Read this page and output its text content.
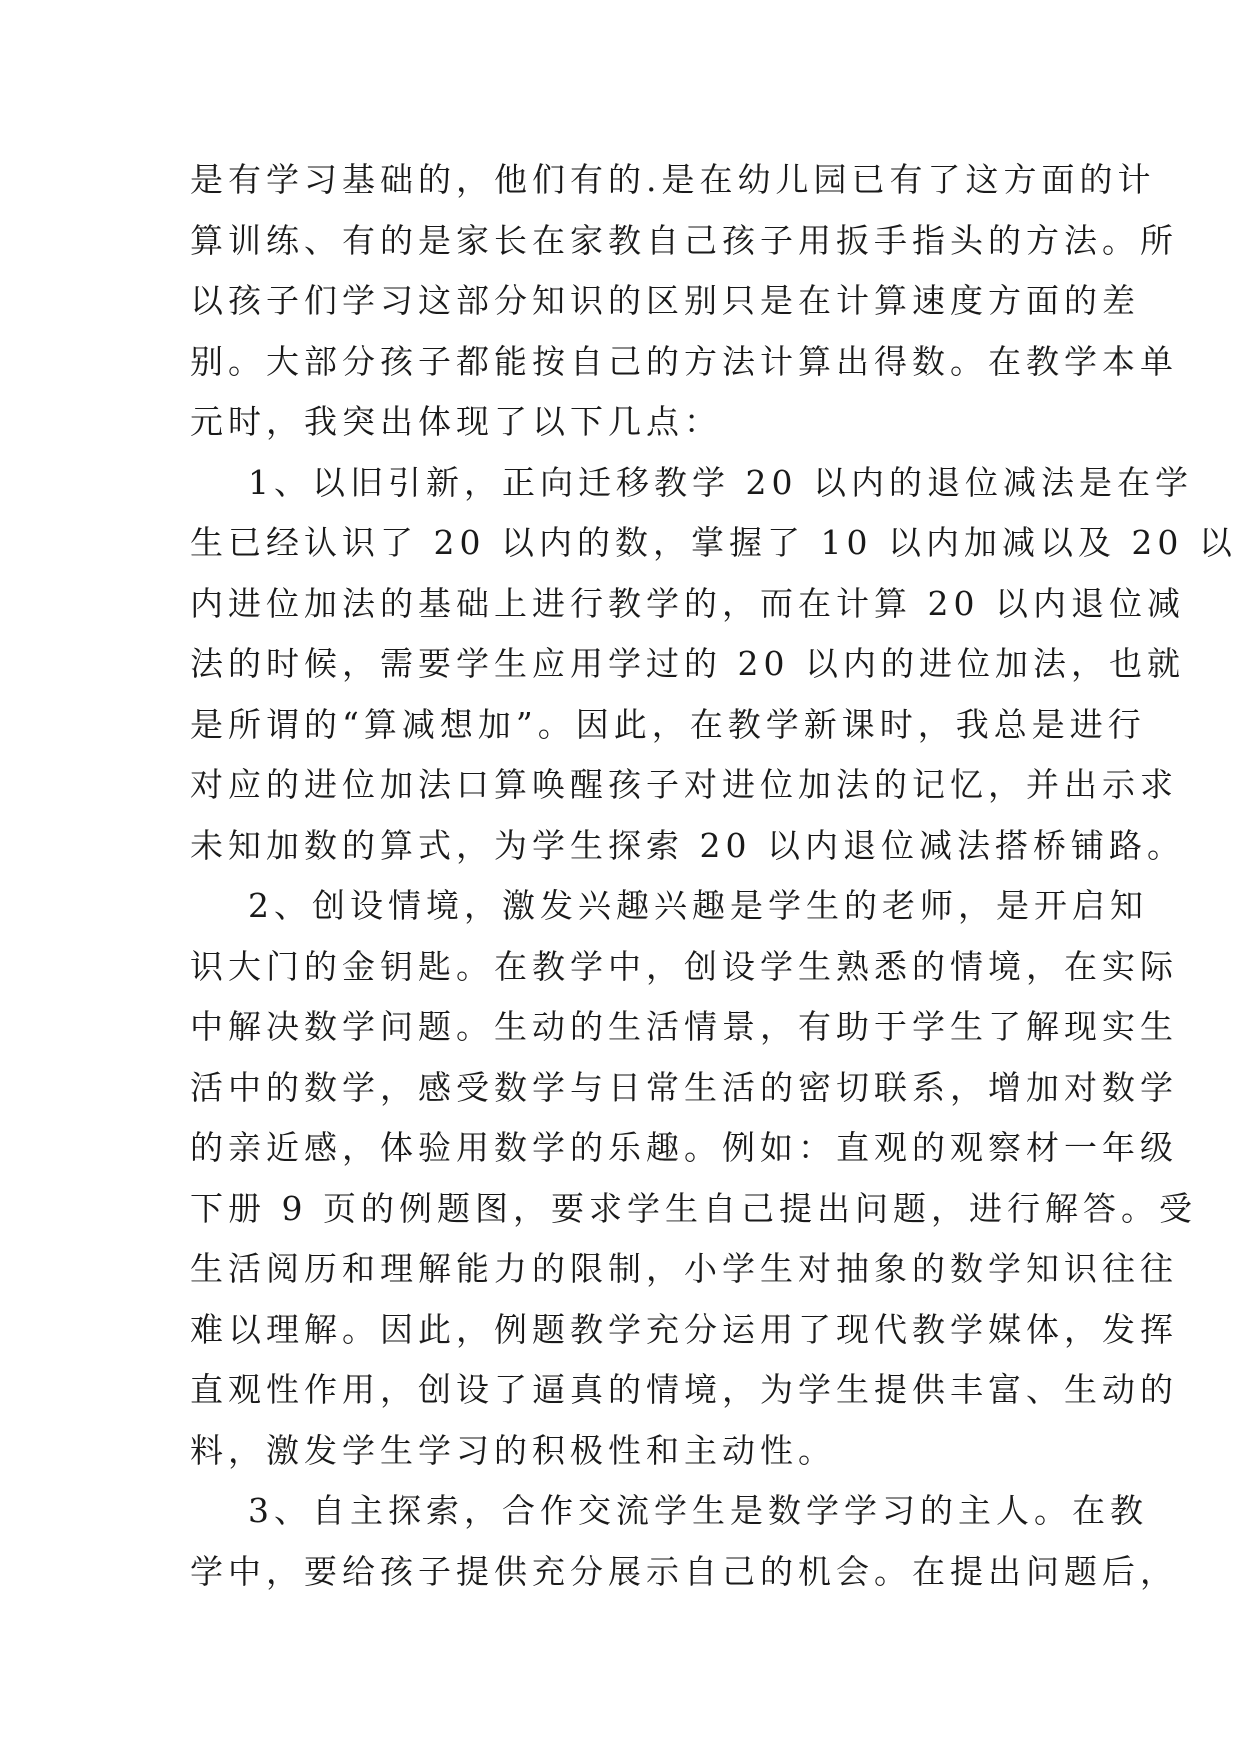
是有学习基础的，他们有的.是在幼儿园已有了这方面的计
算训练、有的是家长在家教自己孩子用扳手指头的方法。所
以孩子们学习这部分知识的区别只是在计算速度方面的差
别。大部分孩子都能按自己的方法计算出得数。在教学本单
元时，我突出体现了以下几点：
1、以旧引新，正向迁移教学 20 以内的退位减法是在学
生已经认识了 20 以内的数，掌握了 10 以内加减以及 20 以
内进位加法的基础上进行教学的，而在计算 20 以内退位减
法的时候，需要学生应用学过的 20 以内的进位加法，也就
是所谓的“算减想加”。因此，在教学新课时，我总是进行
对应的进位加法口算唤醒孩子对进位加法的记忆，并出示求
未知加数的算式，为学生探索 20 以内退位减法搭桥铺路。
2、创设情境，激发兴趣兴趣是学生的老师，是开启知
识大门的金钥匙。在教学中，创设学生熟悉的情境，在实际
中解决数学问题。生动的生活情景，有助于学生了解现实生
活中的数学，感受数学与日常生活的密切联系，增加对数学
的亲近感，体验用数学的乐趣。例如：直观的观察材一年级
下册 9 页的例题图，要求学生自己提出问题，进行解答。受
生活阅历和理解能力的限制，小学生对抽象的数学知识往往
难以理解。因此，例题教学充分运用了现代教学媒体，发挥
直观性作用，创设了逼真的情境，为学生提供丰富、生动的
料，激发学生学习的积极性和主动性。
3、自主探索，合作交流学生是数学学习的主人。在教
学中，要给孩子提供充分展示自己的机会。在提出问题后，
